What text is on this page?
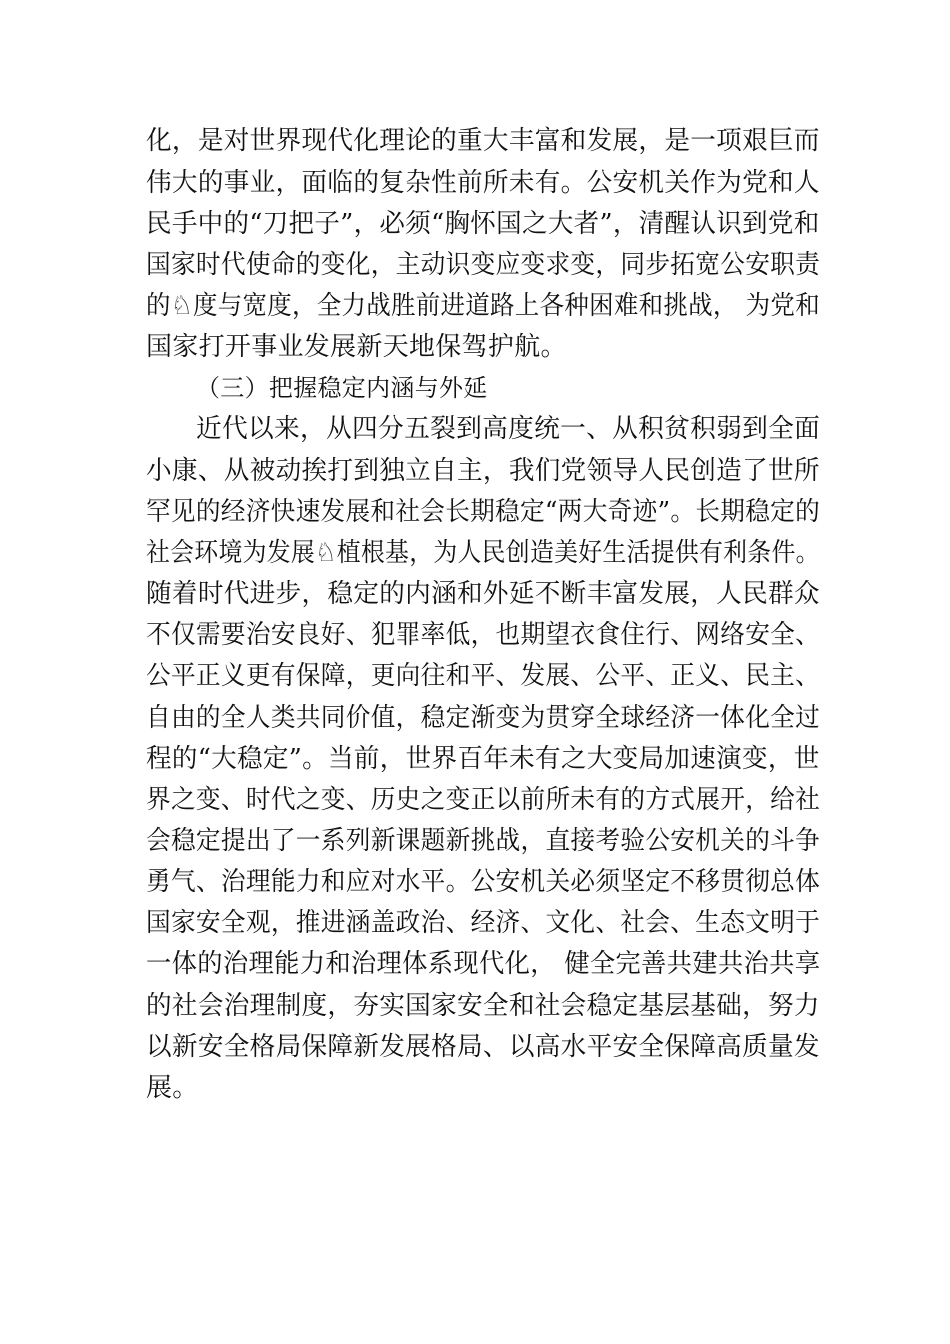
化，是对世界现代化理论的重大丰富和发展，是一项艰巨而
伟大的事业，面临的复杂性前所未有。公安机关作为党和人
民手中的“刀把子”，必须“胸怀国之大者”，清醒认识到党和
国家时代使命的变化，主动识变应变求变，同步拓宽公安职责
的♘度与宽度，全力战胜前进道路上各种困难和挑战， 为党和
国家打开事业发展新天地保驾护航。
（三）把握稳定内涵与外延
近代以来，从四分五裂到高度统一、从积贫积弱到全面
小康、从被动挨打到独立自主，我们党领导人民创造了世所
罕见的经济快速发展和社会长期稳定“两大奇迹”。长期稳定的
社会环境为发展♘植根基，为人民创造美好生活提供有利条件。
随着时代进步，稳定的内涵和外延不断丰富发展，人民群众
不仅需要治安良好、犯罪率低，也期望衣食住行、网络安全、
公平正义更有保障，更向往和平、发展、公平、正义、民主、
自由的全人类共同价值，稳定渐变为贯穿全球经济一体化全过
程的“大稳定”。当前，世界百年未有之大变局加速演变，世
界之变、时代之变、历史之变正以前所未有的方式展开，给社
会稳定提出了一系列新课题新挑战，直接考验公安机关的斗争
勇气、治理能力和应对水平。公安机关必须坚定不移贯彻总体
国家安全观，推进涵盖政治、经济、文化、社会、生态文明于
一体的治理能力和治理体系现代化， 健全完善共建共治共享
的社会治理制度，夯实国家安全和社会稳定基层基础，努力
以新安全格局保障新发展格局、以高水平安全保障高质量发
展。
